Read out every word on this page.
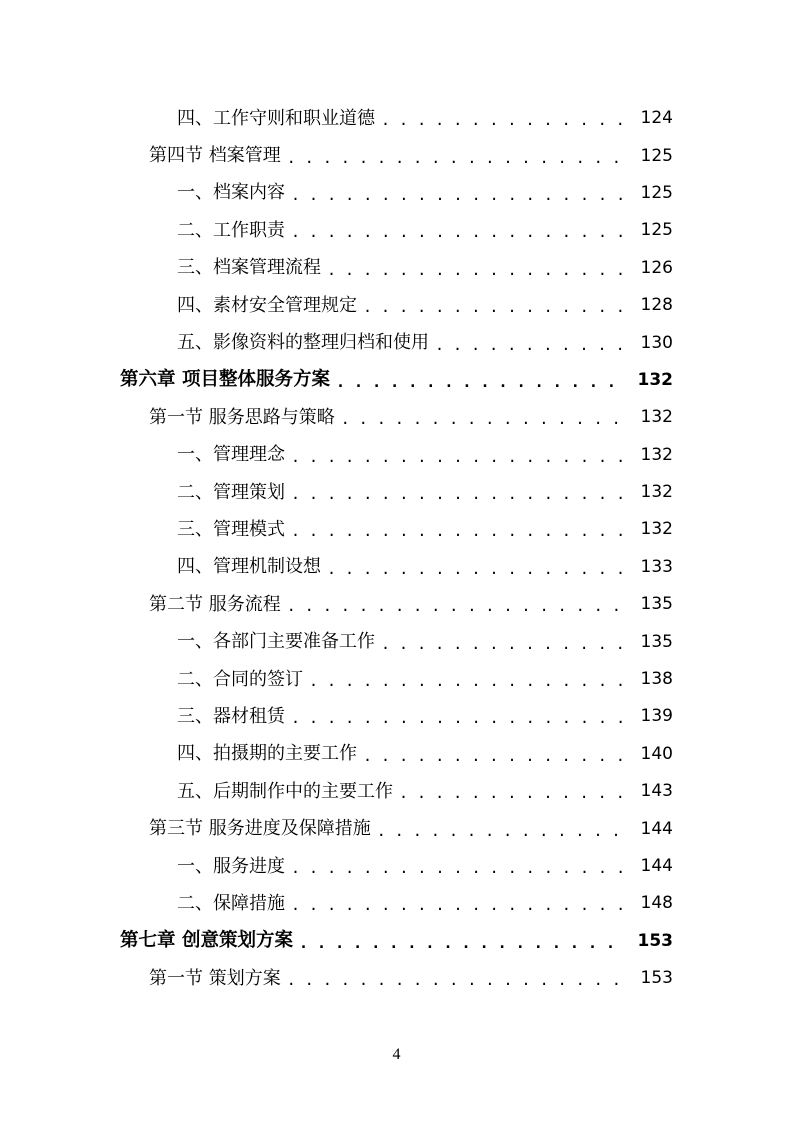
四、工作守则和职业道德 . . .	124
第四节 档案管理 . . .	125
一、档案内容 . . .	125
二、工作职责 . . .	125
三、档案管理流程 . . .	126
四、素材安全管理规定 . . .	128
五、影像资料的整理归档和使用 . . .	130
第六章 项目整体服务方案 . . .	132
第一节 服务思路与策略 . . .	132
一、管理理念 . . .	132
二、管理策划 . . .	132
三、管理模式 . . .	132
四、管理机制设想 . . .	133
第二节 服务流程 . . .	135
一、各部门主要准备工作 . . .	135
二、合同的签订 . . .	138
三、器材租赁 . . .	139
四、拍摄期的主要工作 . . .	140
五、后期制作中的主要工作 . . .	143
第三节 服务进度及保障措施 . . .	144
一、服务进度 . . .	144
二、保障措施 . . .	148
第七章 创意策划方案 . . .	153
第一节 策划方案 . . .	153
4
